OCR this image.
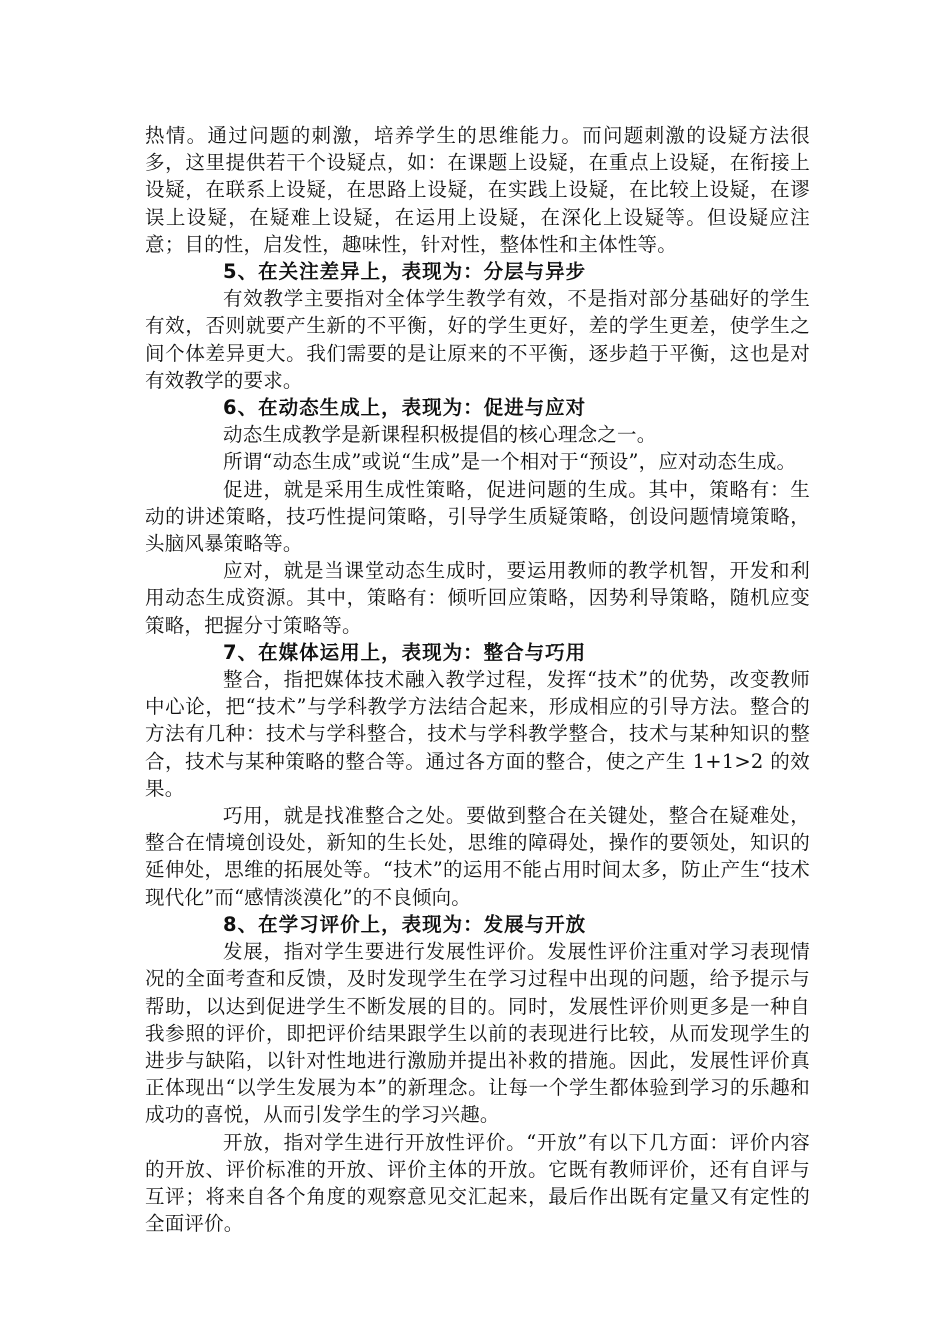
热情。通过问题的刺激，培养学生的思维能力。而问题刺激的设疑方法很多，这里提供若干个设疑点，如：在课题上设疑，在重点上设疑，在衔接上设疑，在联系上设疑，在思路上设疑，在实践上设疑，在比较上设疑，在谬误上设疑，在疑难上设疑，在运用上设疑，在深化上设疑等。但设疑应注意；目的性，启发性，趣味性，针对性，整体性和主体性等。

5、在关注差异上，表现为：分层与异步

有效教学主要指对全体学生教学有效，不是指对部分基础好的学生有效，否则就要产生新的不平衡，好的学生更好，差的学生更差，使学生之间个体差异更大。我们需要的是让原来的不平衡，逐步趋于平衡，这也是对有效教学的要求。

6、在动态生成上，表现为：促进与应对

动态生成教学是新课程积极提倡的核心理念之一。

所谓“动态生成”或说“生成”是一个相对于“预设”，应对动态生成。

促进，就是采用生成性策略，促进问题的生成。其中，策略有：生动的讲述策略，技巧性提问策略，引导学生质疑策略，创设问题情境策略，头脑风暴策略等。

应对，就是当课堂动态生成时，要运用教师的教学机智，开发和利用动态生成资源。其中，策略有：倾听回应策略，因势利导策略，随机应变策略，把握分寸策略等。

7、在媒体运用上，表现为：整合与巧用

整合，指把媒体技术融入教学过程，发挥“技术”的优势，改变教师中心论，把“技术”与学科教学方法结合起来，形成相应的引导方法。整合的方法有几种：技术与学科整合，技术与学科教学整合，技术与某种知识的整合，技术与某种策略的整合等。通过各方面的整合，使之产生 1+1>2 的效果。

巧用，就是找准整合之处。要做到整合在关键处，整合在疑难处，整合在情境创设处，新知的生长处，思维的障碍处，操作的要领处，知识的延伸处，思维的拓展处等。“技术”的运用不能占用时间太多，防止产生“技术现代化”而“感情淡漠化”的不良倾向。

8、在学习评价上，表现为：发展与开放

发展，指对学生要进行发展性评价。发展性评价注重对学习表现情况的全面考查和反馈，及时发现学生在学习过程中出现的问题，给予提示与帮助，以达到促进学生不断发展的目的。同时，发展性评价则更多是一种自我参照的评价，即把评价结果跟学生以前的表现进行比较，从而发现学生的进步与缺陷，以针对性地进行激励并提出补救的措施。因此，发展性评价真正体现出“以学生发展为本”的新理念。让每一个学生都体验到学习的乐趣和成功的喜悦，从而引发学生的学习兴趣。

开放，指对学生进行开放性评价。“开放”有以下几方面：评价内容的开放、评价标准的开放、评价主体的开放。它既有教师评价，还有自评与互评；将来自各个角度的观察意见交汇起来，最后作出既有定量又有定性的全面评价。
